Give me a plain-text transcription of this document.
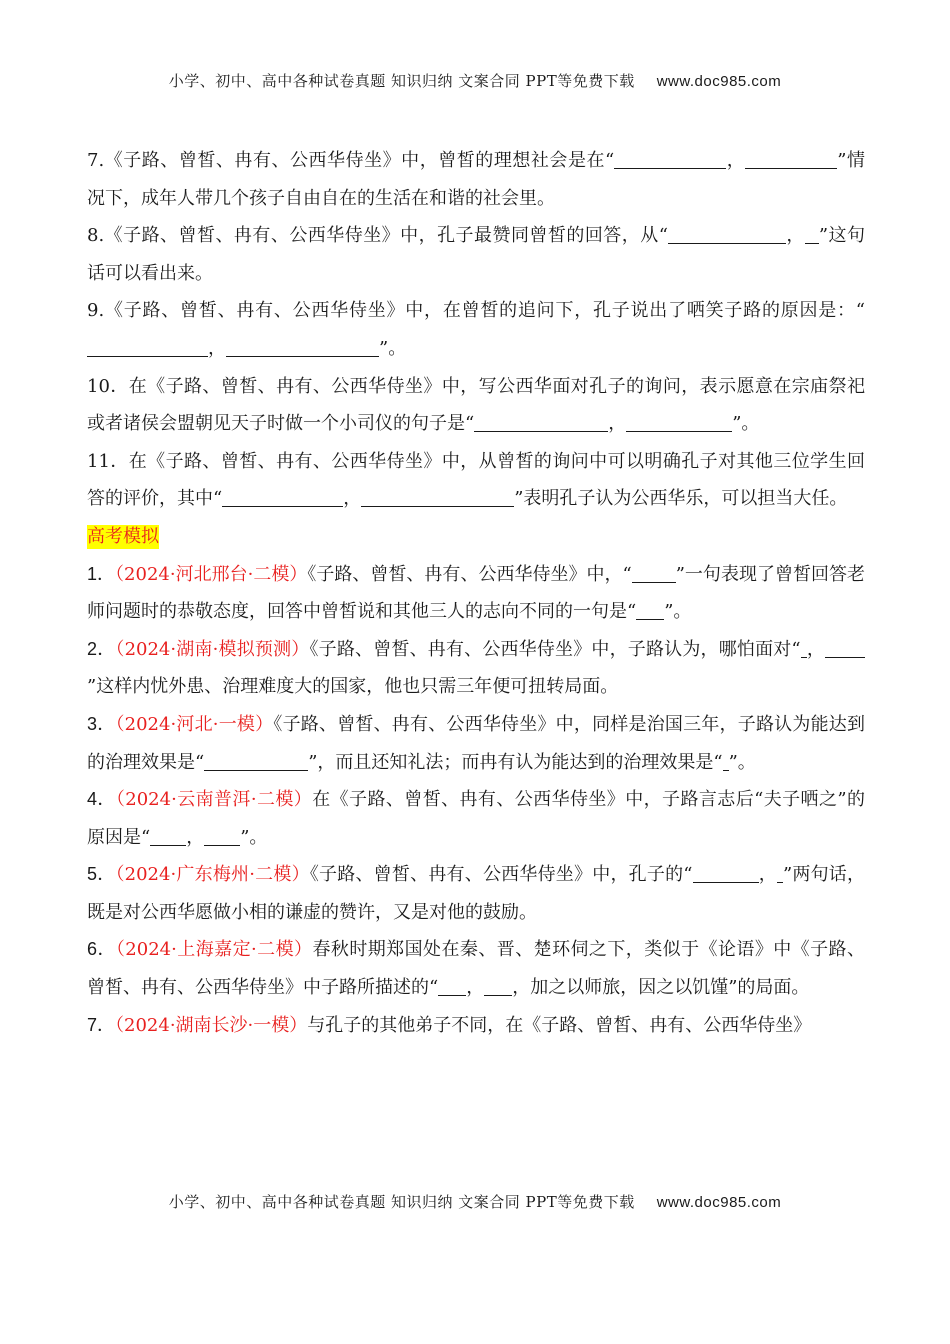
小学、初中、高中各种试卷真题 知识归纳 文案合同 PPT等免费下载 www.doc985.com

7.《子路、曾皙、冉有、公西华侍坐》中，曾皙的理想社会是在“	，	”情况下，成年人带几个孩子自由自在的生活在和谐的社会里。

8.《子路、曾皙、冉有、公西华侍坐》中，孔子最赞同曾皙的回答，从“	， ”这句话可以看出来。

9.《子路、曾皙、冉有、公西华侍坐》中，在曾皙的追问下，孔子说出了哂笑子路的原因是：“，	”。

10．在《子路、曾皙、冉有、公西华侍坐》中，写公西华面对孔子的询问，表示愿意在宗庙祭祀或者诸侯会盟朝见天子时做一个小司仪的句子是“	，	”。

11．在《子路、曾皙、冉有、公西华侍坐》中，从曾皙的询问中可以明确孔子对其他三位学生回答的评价，其中“	，	”表明孔子认为公西华乐，可以担当大任。

高考模拟

1．（2024·河北邢台·二模）《子路、曾皙、冉有、公西华侍坐》中，“ ”一句表现了曾皙回答老师问题时的恭敬态度，回答中曾皙说和其他三人的志向不同的一句是“ ”。

2．（2024·湖南·模拟预测）《子路、曾皙、冉有、公西华侍坐》中，子路认为，哪怕面对“ ，”这样内忧外患、治理难度大的国家，他也只需三年便可扭转局面。

3．（2024·河北·一模）《子路、曾皙、冉有、公西华侍坐》中，同样是治国三年，子路认为能达到的治理效果是“	”，而且还知礼法；而冉有认为能达到的治理效果是“ ”。

4．（2024·云南普洱·二模）在《子路、曾皙、冉有、公西华侍坐》中，子路言志后“夫子哂之”的原因是“ ， ”。

5．（2024·广东梅州·二模）《子路、曾皙、冉有、公西华侍坐》中，孔子的“	， ”两句话，既是对公西华愿做小相的谦虚的赞许，又是对他的鼓励。

6．（2024·上海嘉定·二模）春秋时期郑国处在秦、晋、楚环伺之下，类似于《论语》中《子路、曾皙、冉有、公西华侍坐》中子路所描述的“ ， ，加之以师旅，因之以饥馑”的局面。

7．（2024·湖南长沙·一模）与孔子的其他弟子不同，在《子路、曾皙、冉有、公西华侍坐》

小学、初中、高中各种试卷真题 知识归纳 文案合同 PPT等免费下载 www.doc985.com
